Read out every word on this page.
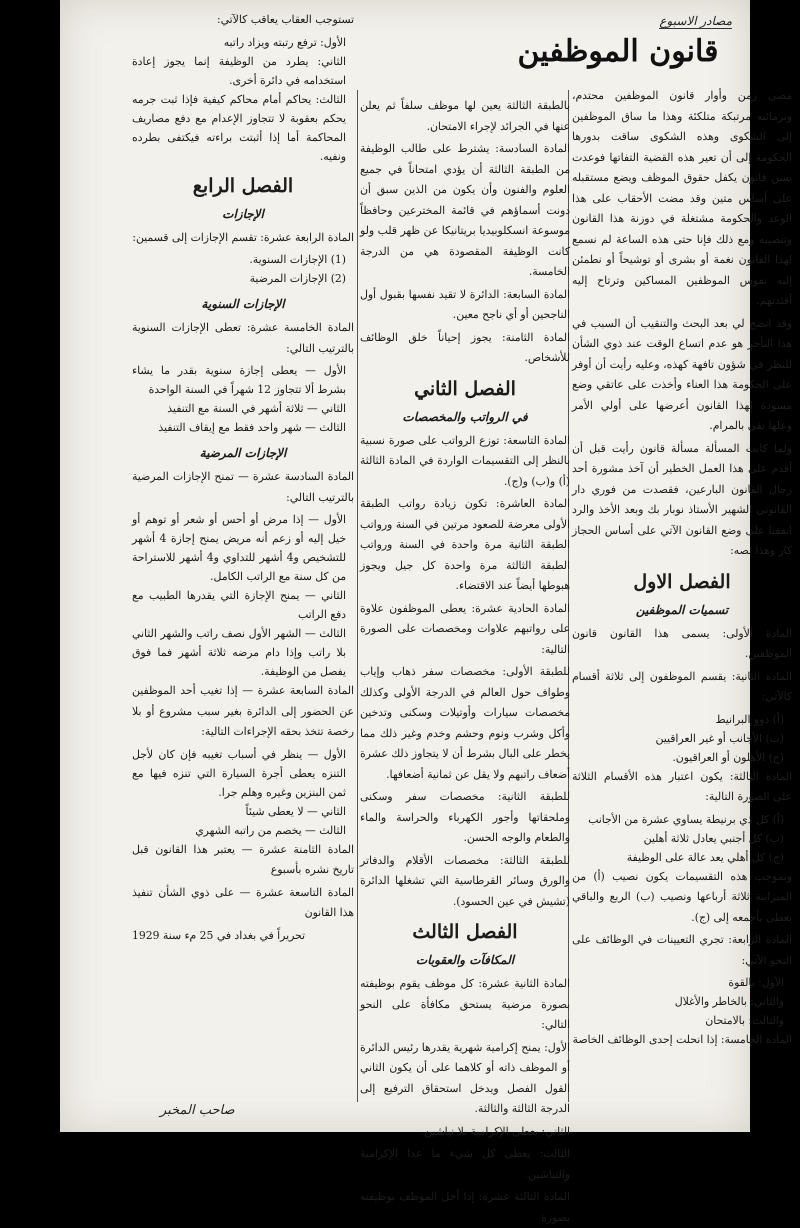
مصادر الاسبوع
قانون الموظفين

مضى زمن وأوار قانون الموظفين محتدم، وبرمائنه مرتبكة متلكئة وهذا ما ساق الموظفين إلى الشكوى وهذه الشكوى ساقت بدورها الحكومة إلى أن تعير هذه القضية التفاتها فوعدت بسن قانون يكفل حقوق الموظف ويضع مستقبله على أساس متين وقد مضت الأحقاب على هذا الوعد والحكومة مشتغلة في دوزنة هذا القانون وتنصيبه ومع ذلك فإنا حتى هذه الساعة لم نسمع لهذا القانون نغمة أو بشرى أو توشيحاً أو نطمئن إليه نفوس الموظفين المساكين وترتاح إليه أفئدتهم.

وقد اتضح لي بعد البحث والتنقيب أن السبب في هذا التأخر هو عدم اتساع الوقت عند ذوي الشأن للنظر في شؤون تافهة كهذه، وعليه رأيت أن أوفر على الحكومة هذا العناء وأخذت على عاتقي وضع مسودة لهذا القانون أعرضها على أولي الأمر وعلها تفي بالمرام.

ولما كانت المسألة مسألة قانون رأيت قبل أن أقدم على هذا العمل الخطير أن آخذ مشورة أحد رجال القانون البارعين، فقصدت من فوري دار القانوني الشهير الأستاذ نوبار بك وبعد الأخذ والرد اتفقنا على وضع القانون الآتي على أساس الحجاز كار وهذا نصه:

الفصل الاول
تسميات الموظفين

المادة الأولى: يسمى هذا القانون قانون الموظفين.

المادة الثانية: يقسم الموظفون إلى ثلاثة أقسام كالآتي:

(أ) ذوو البرانيط

(ب) الأجانب أو غير العراقيين

(ج) الأهلون أو العراقيون.

المادة الثالثة: يكون اعتبار هذه الأقسام الثلاثة على الصورة التالية:

(أ) كل ذي برنيطة يساوي عشرة من الأجانب

(ب) كل أجنبي يعادل ثلاثة أهلين

(ج) كل أهلي يعد عالة على الوظيفة

وبموجب هذه التقسيمات يكون نصيب (أ) من الميزانية ثلاثة أرباعها ونصيب (ب) الربع والباقي يعطى بأجمعه إلى (ج).

المادة الرابعة: تجري التعيينات في الوظائف على النحو الآتي:

الأول: بالقوة

والثاني: بالخاطر والأغلال

والثالث: بالامتحان

المادة الخامسة: إذا انحلت إحدى الوظائف الخاصة

بالطبقة الثالثة يعين لها موظف سلفاً ثم يعلن عنها في الجرائد لإجراء الامتحان.

المادة السادسة: يشترط على طالب الوظيفة من الطبقة الثالثة أن يؤدي امتحاناً في جميع العلوم والفنون وأن يكون من الذين سبق أن دونت أسماؤهم في قائمة المخترعين وحافظاً موسوعة انسكلوبيديا بريتانيكا عن ظهر قلب ولو كانت الوظيفة المقصودة هي من الدرجة الخامسة.

المادة السابعة: الدائرة لا تقيد نفسها بقبول أول الناجحين أو أي ناجح معين.

المادة الثامنة: يجوز إحياناً خلق الوظائف للأشخاص.

الفصل الثاني
في الرواتب والمخصصات

المادة التاسعة: توزع الرواتب على صورة نسبية بالنظر إلى التقسيمات الواردة في المادة الثالثة (أ) و(ب) و(ج).

المادة العاشرة: تكون زيادة رواتب الطبقة الأولى معرضة للصعود مرتين في السنة ورواتب الطبقة الثانية مرة واحدة في السنة ورواتب الطبقة الثالثة مرة واحدة كل جيل ويجوز هبوطها أيضاً عند الاقتضاء.

المادة الحادية عشرة: يعطى الموظفون علاوة على رواتبهم علاوات ومخصصات على الصورة التالية:

للطبقة الأولى: مخصصات سفر ذهاب وإياب وطواف حول العالم في الدرجة الأولى وكذلك مخصصات سيارات وأوتيلات وسكنى وتدخين وأكل وشرب ونوم وحشم وخدم وغير ذلك مما يخطر على البال بشرط أن لا يتجاوز ذلك عشرة أضعاف راتبهم ولا يقل عن ثمانية أضعافها.

للطبقة الثانية: مخصصات سفر وسكنى وملحقاتها وأجور الكهرباء والحراسة والماء والطعام والوجه الحسن.

للطبقة الثالثة: مخصصات الأقلام والدفاتر والورق وسائر القرطاسية التي تشغلها الدائرة (تشيش في عين الحسود).

الفصل الثالث
المكافآت والعقوبات

المادة الثانية عشرة: كل موظف يقوم بوظيفته بصورة مرضية يستحق مكافأة على النحو التالي:

الأول: يمنح إكرامية شهرية يقدرها رئيس الدائرة أو الموظف ذاته أو كلاهما على أن يكون الثاني القول الفصل ويدخل استحقاق الترفيع إلى الدرجة الثالثة والثالثة.

الثاني: يعطى الإكرامية بلا نياشين.

الثالث: يعطى كل شيء ما عدا الإكرامية والنياشين.

المادة الثالثة عشرة: إذا أخل الموظف بوظيفته بصورة

تستوجب العقاب يعاقب كالآتي:

الأول: ترفع رتبته ويزاد راتبه

الثاني: يطرد من الوظيفة إنما يجوز إعادة استخدامه في دائرة أخرى.

الثالث: يحاكم أمام محاكم كيفية فإذا ثبت جرمه يحكم بعقوبة لا تتجاوز الإعدام مع دفع مصاريف المحاكمة أما إذا أثبتت براءته فيكتفى بطرده ونفيه.

الفصل الرابع
الإجازات

المادة الرابعة عشرة: تقسم الإجازات إلى قسمين:

(1) الإجازات السنوية.

(2) الإجازات المرضية

الإجازات السنوية

المادة الخامسة عشرة: تعطى الإجازات السنوية بالترتيب التالي:

الأول — يعطى إجازة سنوية بقدر ما يشاء بشرط ألا تتجاوز 12 شهراً في السنة الواحدة

الثاني — ثلاثة أشهر في السنة مع التنفيذ

الثالث — شهر واحد فقط مع إيقاف التنفيذ

الإجازات المرضية

المادة السادسة عشرة — تمنح الإجازات المرضية بالترتيب التالي:

الأول — إذا مرض أو أحس أو شعر أو توهم أو خيل إليه أو زعم أنه مريض يمنح إجازة 4 أشهر للتشخيص و4 أشهر للتداوي و4 أشهر للاستراحة من كل سنة مع الراتب الكامل.

الثاني — يمنح الإجازة التي يقدرها الطبيب مع دفع الراتب

الثالث — الشهر الأول نصف راتب والشهر الثاني بلا راتب وإذا دام مرضه ثلاثة أشهر فما فوق يفصل من الوظيفة.

المادة السابعة عشرة — إذا تغيب أحد الموظفين عن الحضور إلى الدائرة بغير سبب مشروع أو بلا رخصة تتخذ بحقه الإجراءات التالية:

الأول — ينظر في أسباب تغيبه فإن كان لأجل التنزه يعطى أجرة السيارة التي تنزه فيها مع ثمن البنزين وغيره وهلم جرا.

الثاني — لا يعطى شيئاً

الثالث — يخصم من راتبه الشهري

المادة الثامنة عشرة — يعتبر هذا القانون قبل تاريخ نشره بأسبوع

المادة التاسعة عشرة — على ذوي الشأن تنفيذ هذا القانون

تحريراً في بغداد في 25 مء سنة 1929

صاحب المخبر
